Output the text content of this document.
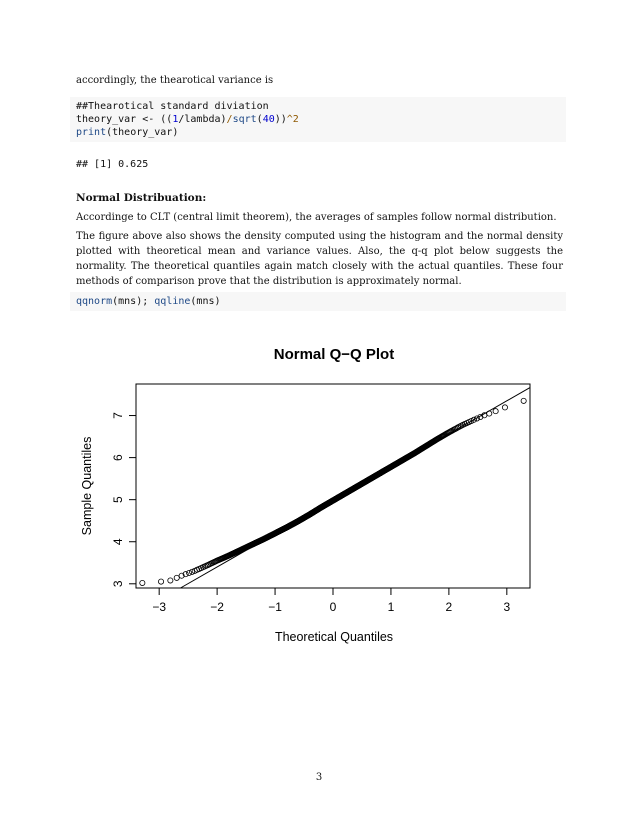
accordingly, the thearotical variance is
##Thearotical standard diviation
theory_var <- ((1/lambda)/sqrt(40))^2
print(theory_var)
## [1] 0.625
Normal Distribuation:
Accordinge to CLT (central limit theorem), the averages of samples follow normal distribution.
The figure above also shows the density computed using the histogram and the normal density plotted with theoretical mean and variance values. Also, the q-q plot below suggests the normality. The theoretical quantiles again match closely with the actual quantiles. These four methods of comparison prove that the distribution is approximately normal.
qqnorm(mns); qqline(mns)
Normal Q−Q Plot
−3	−2	−1	0	1	2	3
3
4
5
6
7
Theoretical Quantiles
Sample Quantiles
3
